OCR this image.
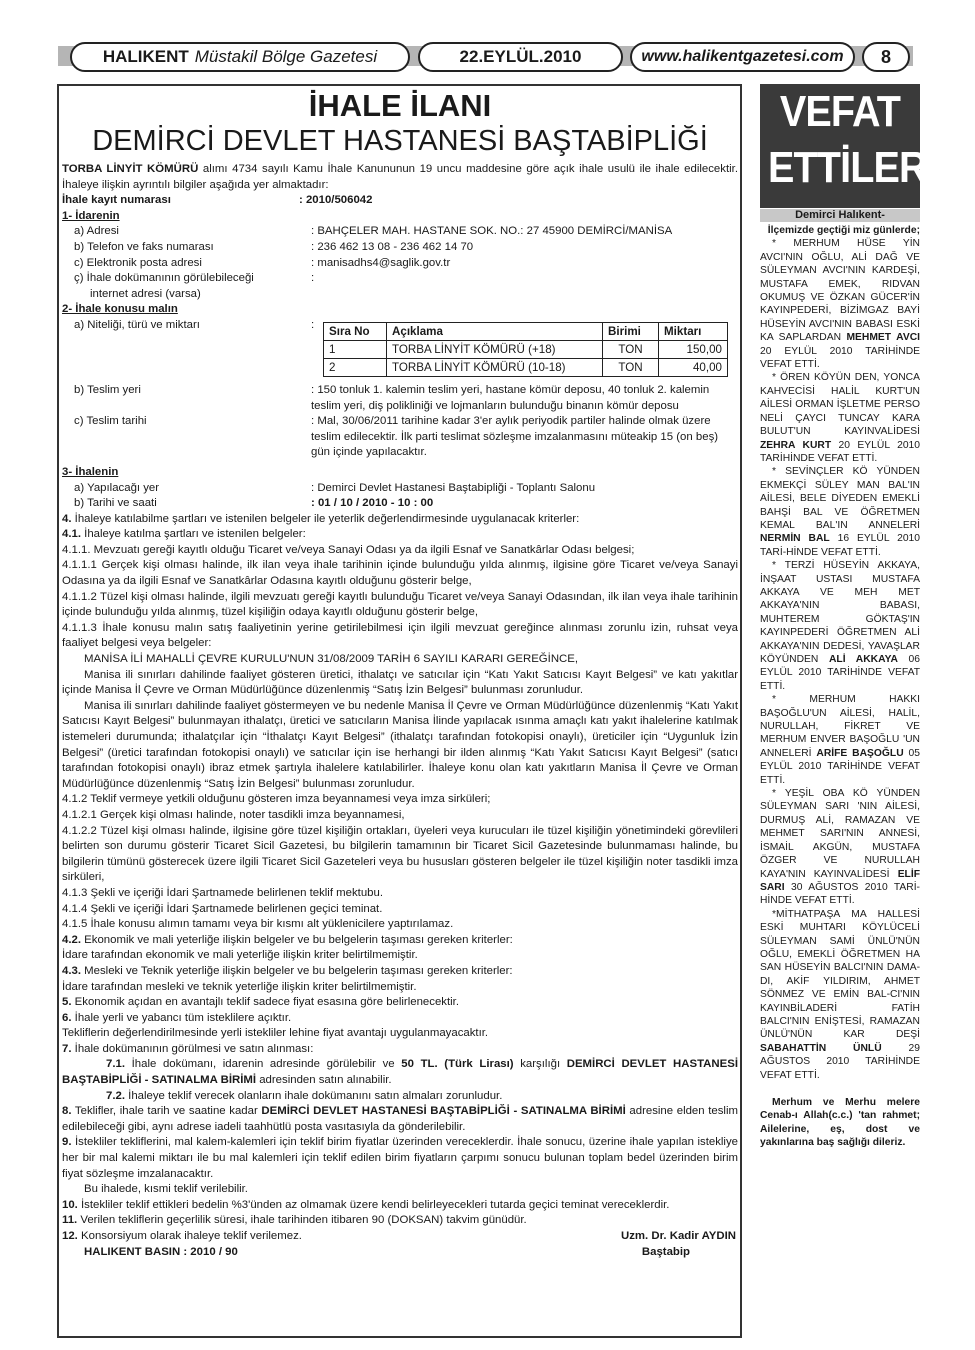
HALIKENT Müstakil Bölge Gazetesi	22.EYLÜL.2010	www.halikentgazetesi.com	8
İHALE İLANI
DEMİRCİ DEVLET HASTANESİ BAŞTABİPLİĞİ

TORBA LİNYİT KÖMÜRÜ alımı 4734 sayılı Kamu İhale Kanununun 19 uncu maddesine göre açık ihale usulü ile ihale edilecektir. İhaleye ilişkin ayrıntılı bilgiler aşağıda yer almaktadır:

İhale kayıt numarası	: 2010/506042

1- İdarenin

a) Adresi	: BAHÇELER MAH. HASTANE SOK. NO.: 27 45900 DEMİRCİ/MANİSA
b) Telefon ve faks numarası	: 236 462 13 08 - 236 462 14 70
c) Elektronik posta adresi	: manisadhs4@saglik.gov.tr
ç) İhale dokümanının görülebileceği
internet adresi (varsa)
:

2- İhale konusu malın

a) Niteliği, türü ve miktarı	:	Sıra No	Açıklama	Birimi	Miktarı
1	TORBA LİNYİT KÖMÜRÜ (+18)	TON	150,00
2	TORBA LİNYİT KÖMÜRÜ (10-18)	TON	40,00
b) Teslim yeri	: 150 tonluk 1. kalemin teslim yeri, hastane kömür deposu, 40 tonluk 2. kalemin teslim yeri, diş polikliniği ve lojmanların bulunduğu binanın kömür deposu
c) Teslim tarihi	: Mal, 30/06/2011 tarihine kadar 3'er aylık periyodik partiler halinde olmak üzere teslim edilecektir. İlk parti teslimat sözleşme imzalanmasını müteakip 15 (on beş) gün içinde yapılacaktır.

3- İhalenin

a) Yapılacağı yer	: Demirci Devlet Hastanesi Baştabipliği - Toplantı Salonu
b) Tarihi ve saati	: 01 / 10 / 2010 - 10 : 00

4. İhaleye katılabilme şartları ve istenilen belgeler ile yeterlik değerlendirmesinde uygulanacak kriterler:

4.1. İhaleye katılma şartları ve istenilen belgeler:

4.1.1. Mevzuatı gereği kayıtlı olduğu Ticaret ve/veya Sanayi Odası ya da ilgili Esnaf ve Sanatkârlar Odası belgesi;

4.1.1.1 Gerçek kişi olması halinde, ilk ilan veya ihale tarihinin içinde bulunduğu yılda alınmış, ilgisine göre Ticaret ve/veya Sanayi Odasına ya da ilgili Esnaf ve Sanatkârlar Odasına kayıtlı olduğunu gösterir belge,

4.1.1.2 Tüzel kişi olması halinde, ilgili mevzuatı gereği kayıtlı bulunduğu Ticaret ve/veya Sanayi Odasından, ilk ilan veya ihale tarihinin içinde bulunduğu yılda alınmış, tüzel kişiliğin odaya kayıtlı olduğunu gösterir belge,

4.1.1.3 İhale konusu malın satış faaliyetinin yerine getirilebilmesi için ilgili mevzuat gereğince alınması zorunlu izin, ruhsat veya faaliyet belgesi veya belgeler:

MANİSA İLİ MAHALLİ ÇEVRE KURULU'NUN 31/08/2009 TARİH 6 SAYILI KARARI GEREĞİNCE,

Manisa ili sınırları dahilinde faaliyet gösteren üretici, ithalatçı ve satıcılar için “Katı Yakıt Satıcısı Kayıt Belgesi” ve katı yakıtlar içinde Manisa İl Çevre ve Orman Müdürlüğünce düzenlenmiş “Satış İzin Belgesi” bulunması zorunludur.

Manisa ili sınırları dahilinde faaliyet göstermeyen ve bu nedenle Manisa İl Çevre ve Orman Müdürlüğünce düzenlenmiş “Katı Yakıt Satıcısı Kayıt Belgesi” bulunmayan ithalatçı, üretici ve satıcıların Manisa İlinde yapılacak ısınma amaçlı katı yakıt ihalelerine katılmak istemeleri durumunda; ithalatçılar için “İthalatçı Kayıt Belgesi” (ithalatçı tarafından fotokopisi onaylı), üreticiler için “Uygunluk İzin Belgesi” (üretici tarafından fotokopisi onaylı) ve satıcılar için ise herhangi bir ilden alınmış “Katı Yakıt Satıcısı Kayıt Belgesi” (satıcı tarafından fotokopisi onaylı) ibraz etmek şartıyla ihalelere katılabilirler. İhaleye konu olan katı yakıtların Manisa İl Çevre ve Orman Müdürlüğünce düzenlenmiş “Satış İzin Belgesi” bulunması zorunludur.

4.1.2 Teklif vermeye yetkili olduğunu gösteren imza beyannamesi veya imza sirküleri;

4.1.2.1 Gerçek kişi olması halinde, noter tasdikli imza beyannamesi,

4.1.2.2 Tüzel kişi olması halinde, ilgisine göre tüzel kişiliğin ortakları, üyeleri veya kurucuları ile tüzel kişiliğin yönetimindeki görevlileri belirten son durumu gösterir Ticaret Sicil Gazetesi, bu bilgilerin tamamının bir Ticaret Sicil Gazetesinde bulunmaması halinde, bu bilgilerin tümünü gösterecek üzere ilgili Ticaret Sicil Gazeteleri veya bu hususları gösteren belgeler ile tüzel kişiliğin noter tasdikli imza sirküleri,

4.1.3 Şekli ve içeriği İdari Şartnamede belirlenen teklif mektubu.

4.1.4 Şekli ve içeriği İdari Şartnamede belirlenen geçici teminat.

4.1.5 İhale konusu alımın tamamı veya bir kısmı alt yüklenicilere yaptırılamaz.

4.2. Ekonomik ve mali yeterliğe ilişkin belgeler ve bu belgelerin taşıması gereken kriterler:

İdare tarafından ekonomik ve mali yeterliğe ilişkin kriter belirtilmemiştir.

4.3. Mesleki ve Teknik yeterliğe ilişkin belgeler ve bu belgelerin taşıması gereken kriterler:

İdare tarafından mesleki ve teknik yeterliğe ilişkin kriter belirtilmemiştir.

5. Ekonomik açıdan en avantajlı teklif sadece fiyat esasına göre belirlenecektir.

6. İhale yerli ve yabancı tüm isteklilere açıktır.

Tekliflerin değerlendirilmesinde yerli istekliler lehine fiyat avantajı uygulanmayacaktır.

7. İhale dokümanının görülmesi ve satın alınması:

7.1. İhale dokümanı, idarenin adresinde görülebilir ve 50 TL. (Türk Lirası) karşılığı DEMİRCİ DEVLET HASTANESİ BAŞTABİPLİĞİ - SATINALMA BİRİMİ adresinden satın alınabilir.

7.2. İhaleye teklif verecek olanların ihale dokümanını satın almaları zorunludur.

8. Teklifler, ihale tarih ve saatine kadar DEMİRCİ DEVLET HASTANESİ BAŞTABİPLİĞİ - SATINALMA BİRİMİ adresine elden teslim edilebileceği gibi, aynı adrese iadeli taahhütlü posta vasıtasıyla da gönderilebilir.

9. İstekliler tekliflerini, mal kalem-kalemleri için teklif birim fiyatlar üzerinden vereceklerdir. İhale sonucu, üzerine ihale yapılan istekliye her bir mal kalemi miktarı ile bu mal kalemleri için teklif edilen birim fiyatların çarpımı sonucu bulunan toplam bedel üzerinden birim fiyat sözleşme imzalanacaktır.

Bu ihalede, kısmi teklif verilebilir.

10. İstekliler teklif ettikleri bedelin %3'ünden az olmamak üzere kendi belirleyecekleri tutarda geçici teminat vereceklerdir.

11. Verilen tekliflerin geçerlilik süresi, ihale tarihinden itibaren 90 (DOKSAN) takvim günüdür.

12. Konsorsiyum olarak ihaleye teklif verilemez.	Uzm. Dr. Kadir AYDIN
HALIKENT BASIN : 2010 / 90	Baştabip
VEFAT
ETTİLER
Demirci Halıkent-

İlçemizde geçtiği miz günlerde;

* MERHUM HÜSE YİN AVCI'NIN OĞLU, ALİ DAĞ VE SÜLEYMAN AVCI'NIN KARDEŞİ, MUSTAFA EMEK, RIDVAN OKUMUŞ VE ÖZKAN GÜCER'İN KAYINPEDERİ, BİZİMGAZ BAYİ HÜSEYİN AVCI'NIN BABASI ESKİ KA SAPLARDAN MEHMET AVCI 20 EYLÜL 2010 TARİHİNDE VEFAT ETTİ.

* ÖREN KÖYÜN DEN, YONCA KAHVECİSİ HALİL KURT'UN AİLESİ ORMAN İŞLETME PERSO NELİ ÇAYCI TUNCAY KARA BULUT'UN KAYINVALİDESİ ZEHRA KURT 20 EYLÜL 2010 TARİHİNDE VEFAT ETTİ.

* SEVİNÇLER KÖ YÜNDEN EKMEKÇİ SÜLEY MAN BAL'IN AİLESİ, BELE DİYEDEN EMEKLİ BAHŞİ BAL VE ÖĞRETMEN KEMAL BAL'IN ANNELERİ NERMİN BAL 16 EYLÜL 2010 TARİ-HİNDE VEFAT ETTİ.

* TERZİ HÜSEYİN AKKAYA, İNŞAAT USTASI MUSTAFA AKKAYA VE MEH MET AKKAYA'NIN BABASI, MUHTEREM GÖKTAŞ'IN KAYINPEDERİ ÖĞRETMEN ALİ AKKAYA'NIN DEDESİ, YAVAŞLAR KÖYÜNDEN ALİ AKKAYA 06 EYLÜL 2010 TARİHİNDE VEFAT ETTİ.

* MERHUM HAKKI BAŞOĞLU'UN AİLESİ, HALİL, NURULLAH, FİKRET VE MERHUM ENVER BAŞOĞLU 'UN ANNELERİ ARİFE BAŞOĞLU 05 EYLÜL 2010 TARİHİNDE VEFAT ETTİ.

* YEŞİL OBA KÖ YÜNDEN SÜLEYMAN SARI 'NIN AİLESİ, DURMUŞ ALİ, RAMAZAN VE MEHMET SARI'NIN ANNESİ, İSMAİL AKGÜN, MUSTAFA ÖZGER VE NURULLAH KAYA'NIN KAYINVALİDESİ ELİF SARI 30 AĞUSTOS 2010 TARİ-HİNDE VEFAT ETTİ.

*MİTHATPAŞA MA HALLESİ ESKİ MUHTARI KÖYLÜCELİ SÜLEYMAN SAMİ ÜNLÜ'NÜN OĞLU, EMEKLİ ÖĞRETMEN HA SAN HÜSEYİN BALCI'NIN DAMA-DI, AKİF YILDIRIM, AHMET SÖNMEZ VE EMİN BAL-CI'NIN KAYINBİLADERİ FATİH BALCI'NIN ENİŞTESİ, RAMAZAN ÜNLÜ'NÜN KAR DEŞİ SABAHATTİN ÜNLÜ 29 AĞUSTOS 2010 TARİHİNDE VEFAT ETTİ.

Merhum ve Merhu melere Cenab-ı Allah(c.c.) 'tan rahmet; Ailelerine, eş, dost ve yakınlarına baş sağlığı dileriz.
